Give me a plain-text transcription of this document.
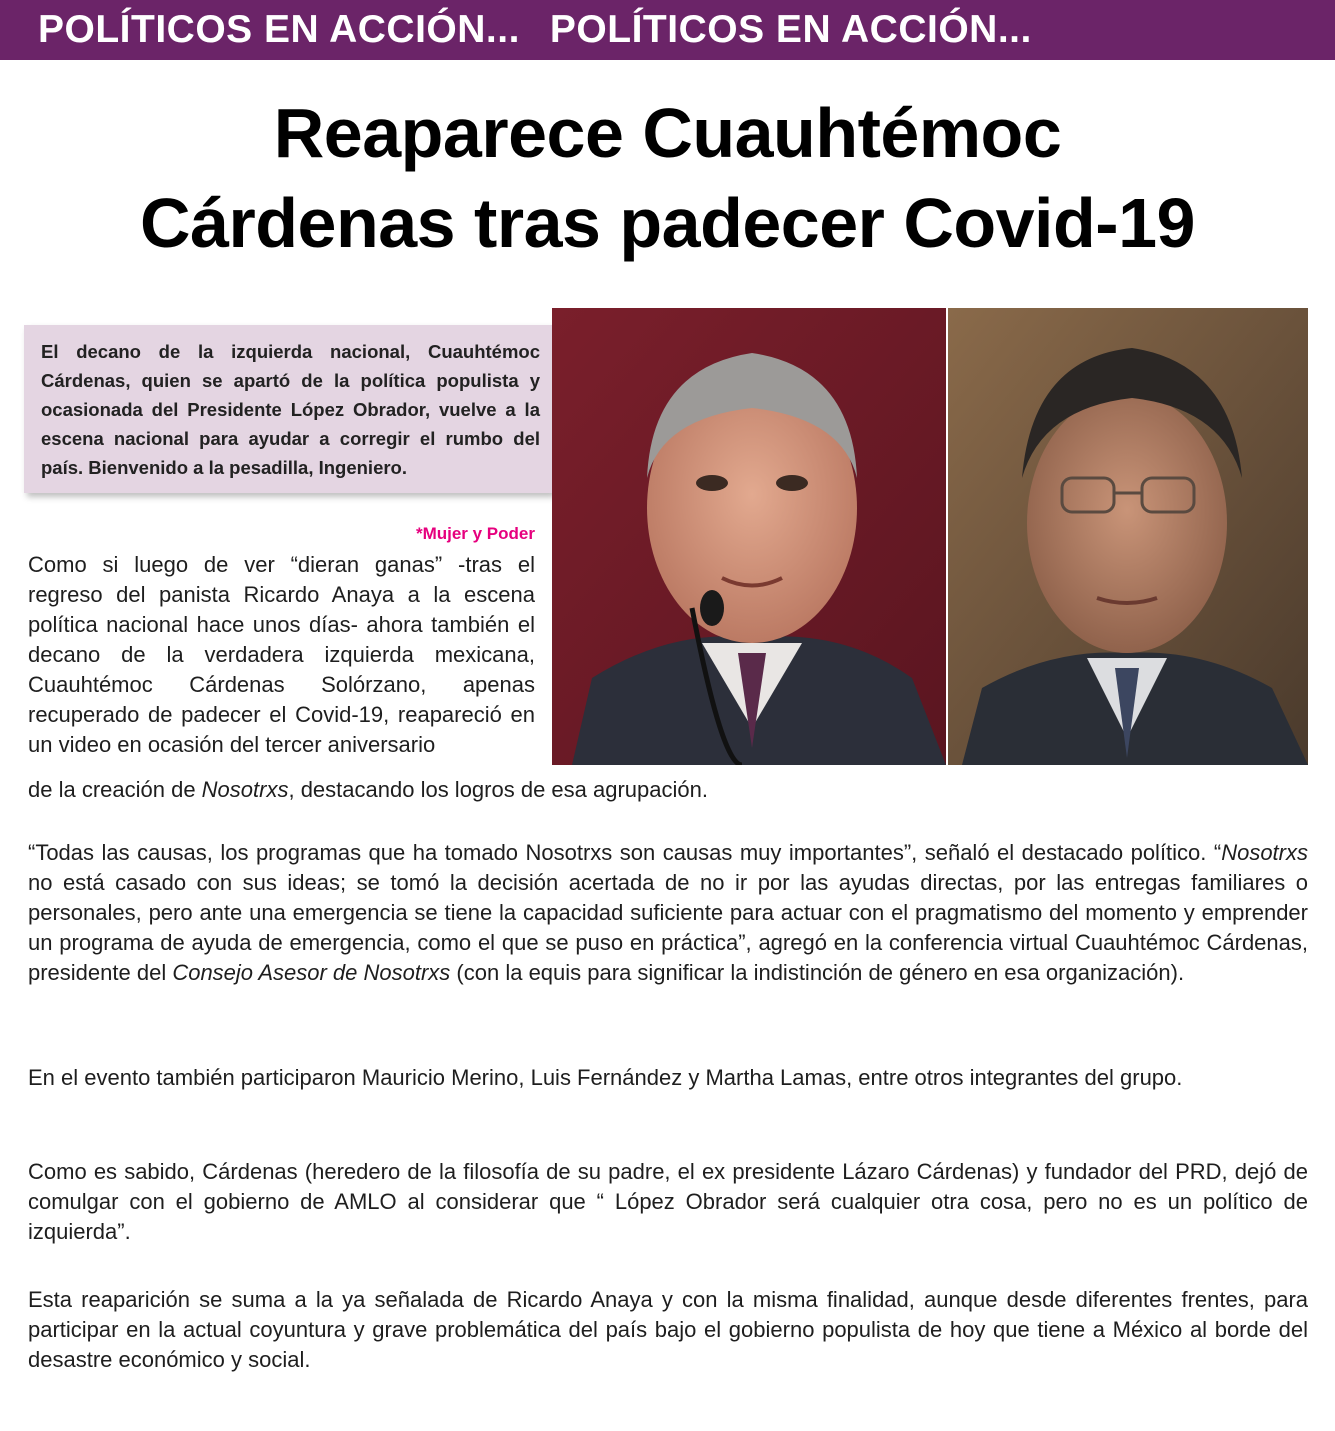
POLÍTICOS EN ACCIÓN... POLÍTICOS EN ACCIÓN...
Reaparece Cuauhtémoc
Cárdenas tras padecer Covid-19
El decano de la izquierda nacional, Cuauhtémoc Cárdenas, quien se apartó de la política populista y ocasionada del Presidente López Obrador, vuelve a la escena nacional para ayudar a corregir el rumbo del país. Bienvenido a la pesadilla, Ingeniero.
*Mujer y Poder

Como si luego de ver “dieran ganas” -tras el regreso del panista Ricardo Anaya a la escena política nacional hace unos días- ahora también el decano de la verdadera izquierda mexicana, Cuauhtémoc Cárdenas Solórzano, apenas recuperado de padecer el Covid-19, reapareció en un video en ocasión del tercer aniversario

de la creación de Nosotrxs, destacando los logros de esa agrupación.

“Todas las causas, los programas que ha tomado Nosotrxs son causas muy importantes”, señaló el destacado político. “Nosotrxs no está casado con sus ideas; se tomó la decisión acertada de no ir por las ayudas directas, por las entregas familiares o personales, pero ante una emergencia se tiene la capacidad suficiente para actuar con el pragmatismo del momento y emprender un programa de ayuda de emergencia, como el que se puso en práctica”, agregó en la conferencia virtual Cuauhtémoc Cárdenas, presidente del Consejo Asesor de Nosotrxs (con la equis para significar la indistinción de género en esa organización).

En el evento también participaron Mauricio Merino, Luis Fernández y Martha Lamas, entre otros integrantes del grupo.

Como es sabido, Cárdenas (heredero de la filosofía de su padre, el ex presidente Lázaro Cárdenas) y fundador del PRD, dejó de comulgar con el gobierno de AMLO al considerar que “ López Obrador será cualquier otra cosa, pero no es un político de izquierda”.

Esta reaparición se suma a la ya señalada de Ricardo Anaya y con la misma finalidad, aunque desde diferentes frentes, para participar en la actual coyuntura y grave problemática del país bajo el gobierno populista de hoy que tiene a México al borde del desastre económico y social.
